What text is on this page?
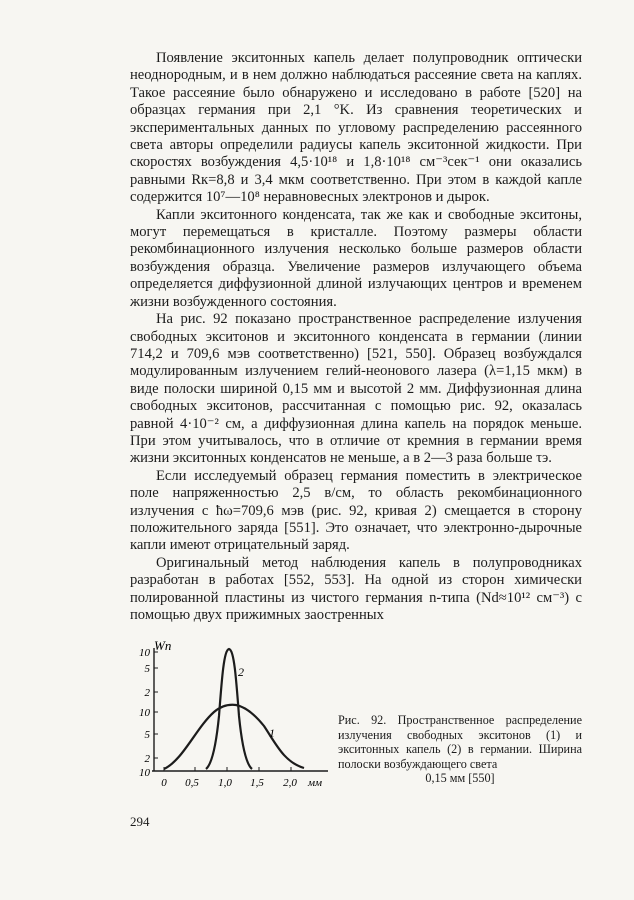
Появление экситонных капель делает полупроводник оптически неоднородным, и в нем должно наблюдаться рассеяние света на каплях. Такое рассеяние было обнаружено и исследовано в работе [520] на образцах германия при 2,1 °K. Из сравнения теоретических и экспериментальных данных по угловому распределению рассеянного света авторы определили радиусы капель экситонной жидкости. При скоростях возбуждения 4,5·10¹⁸ и 1,8·10¹⁸ см⁻³сек⁻¹ они оказались равными Rк=8,8 и 3,4 мкм соответственно. При этом в каждой капле содержится 10⁷—10⁸ неравновесных электронов и дырок.

Капли экситонного конденсата, так же как и свободные экситоны, могут перемещаться в кристалле. Поэтому размеры области рекомбинационного излучения несколько больше размеров области возбуждения образца. Увеличение размеров излучающего объема определяется диффузионной длиной излучающих центров и временем жизни возбужденного состояния.

На рис. 92 показано пространственное распределение излучения свободных экситонов и экситонного конденсата в германии (линии 714,2 и 709,6 мэв соответственно) [521, 550]. Образец возбуждался модулированным излучением гелий-неонового лазера (λ=1,15 мкм) в виде полоски шириной 0,15 мм и высотой 2 мм. Диффузионная длина свободных экситонов, рассчитанная с помощью рис. 92, оказалась равной 4·10⁻² см, а диффузионная длина капель на порядок меньше. При этом учитывалось, что в отличие от кремния в германии время жизни экситонных конденсатов не меньше, а в 2—3 раза больше τэ.

Если исследуемый образец германия поместить в электрическое поле напряженностью 2,5 в/см, то область рекомбинационного излучения с ħω=709,6 мэв (рис. 92, кривая 2) смещается в сторону положительного заряда [551]. Это означает, что электронно-дырочные капли имеют отрицательный заряд.

Оригинальный метод наблюдения капель в полупроводниках разработан в работах [552, 553]. На одной из сторон химически полированной пластины из чистого германия n-типа (Nd≈10¹² см⁻³) с помощью двух прижимных заостренных

Wn
10
5
2
10
5
2
10
0 0,5 1,0 1,5 2,0 мм
2
1
Рис. 92. Пространственное распределение излучения свободных экситонов (1) и экситонных капель (2) в германии. Ширина полоски возбуждающего света
0,15 мм [550]
294
